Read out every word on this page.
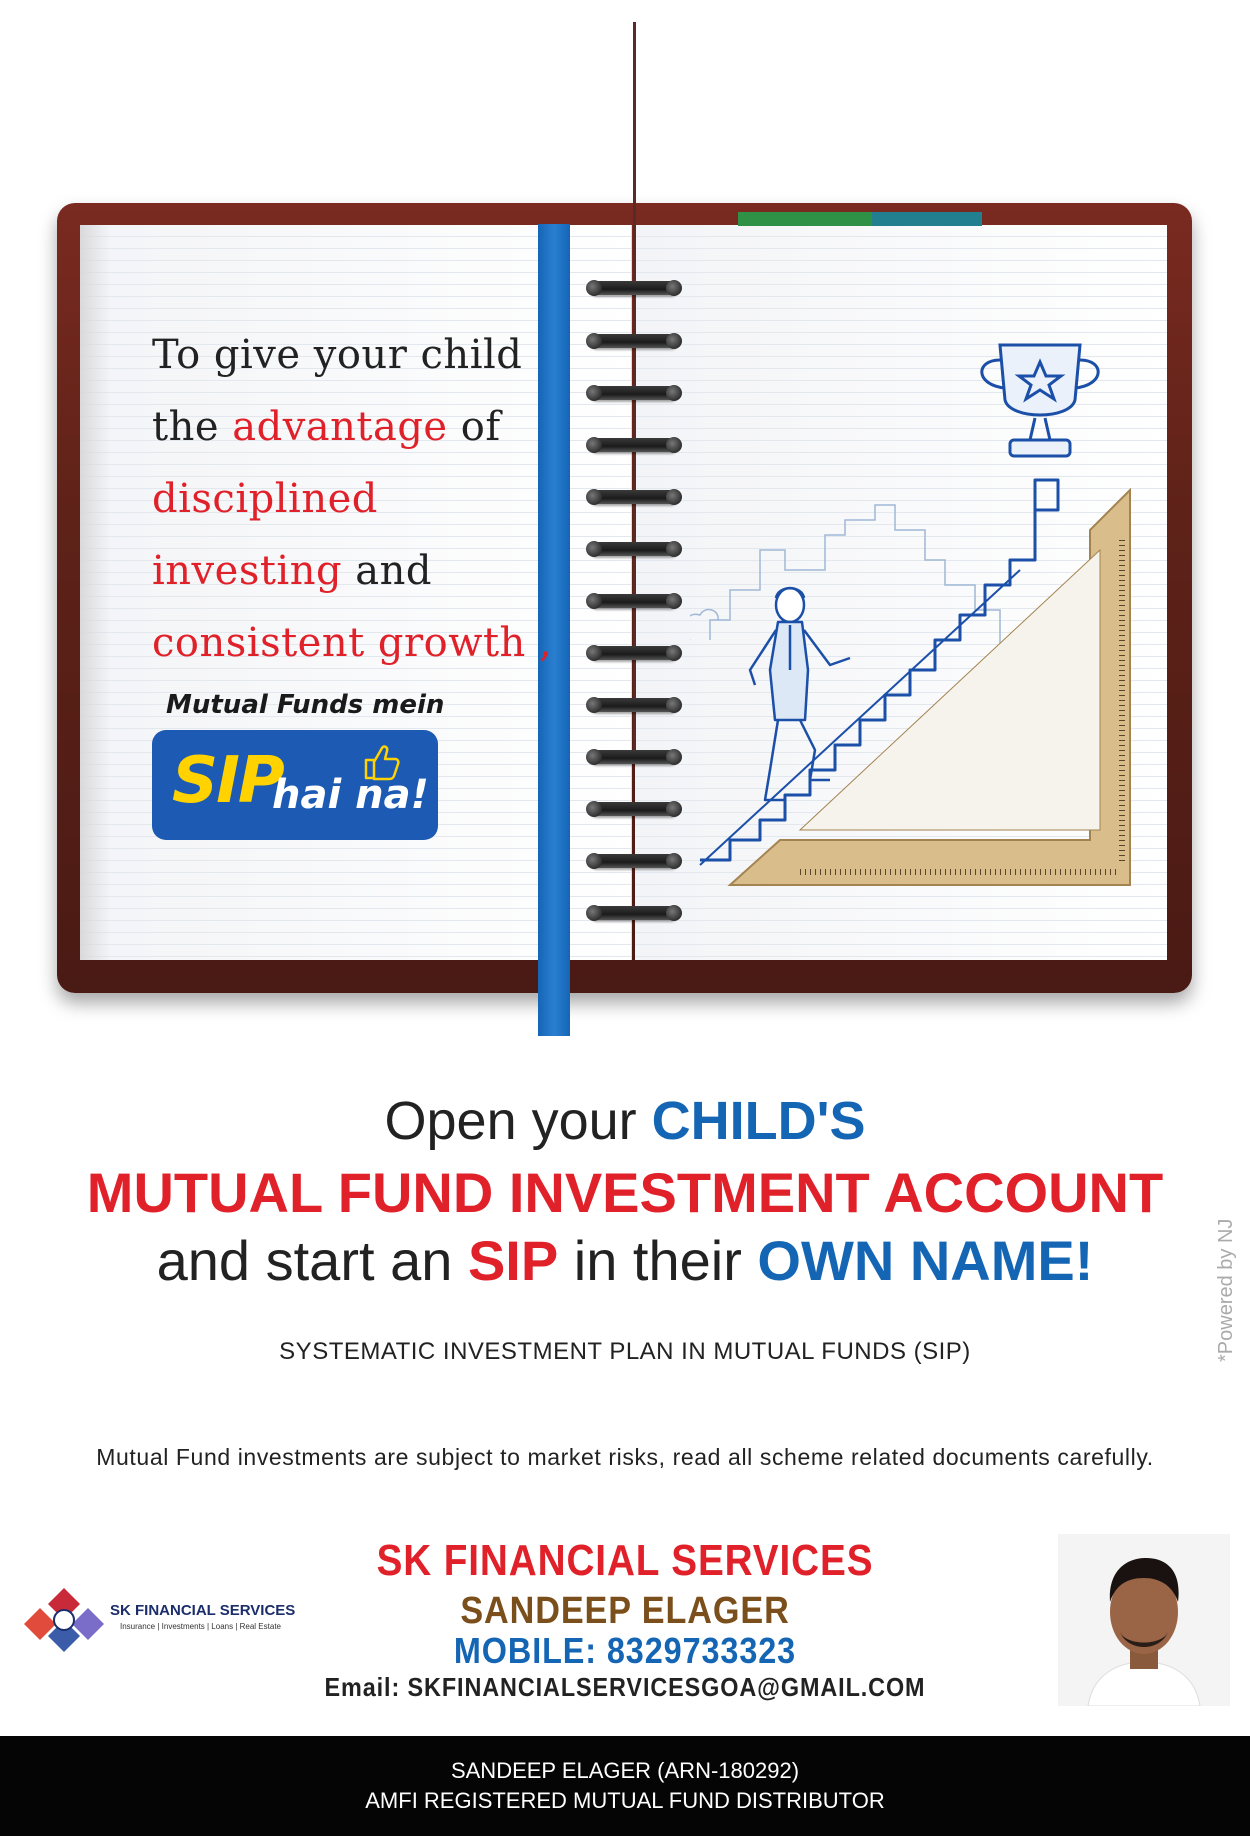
To give your child
the advantage of
disciplined
investing and
consistent growth ,
Mutual Funds mein
SIP
hai na!
Open your CHILD'S
MUTUAL FUND INVESTMENT ACCOUNT
and start an SIP in their OWN NAME!
SYSTEMATIC INVESTMENT PLAN IN MUTUAL FUNDS (SIP)
Mutual Fund investments are subject to market risks, read all scheme related documents carefully.
*Powered by NJ
SK FINANCIAL SERVICES
Insurance | Investments | Loans | Real Estate
SK FINANCIAL SERVICES
SANDEEP ELAGER
MOBILE: 8329733323
Email: SKFINANCIALSERVICESGOA@GMAIL.COM
SANDEEP ELAGER (ARN-180292)
AMFI REGISTERED MUTUAL FUND DISTRIBUTOR
